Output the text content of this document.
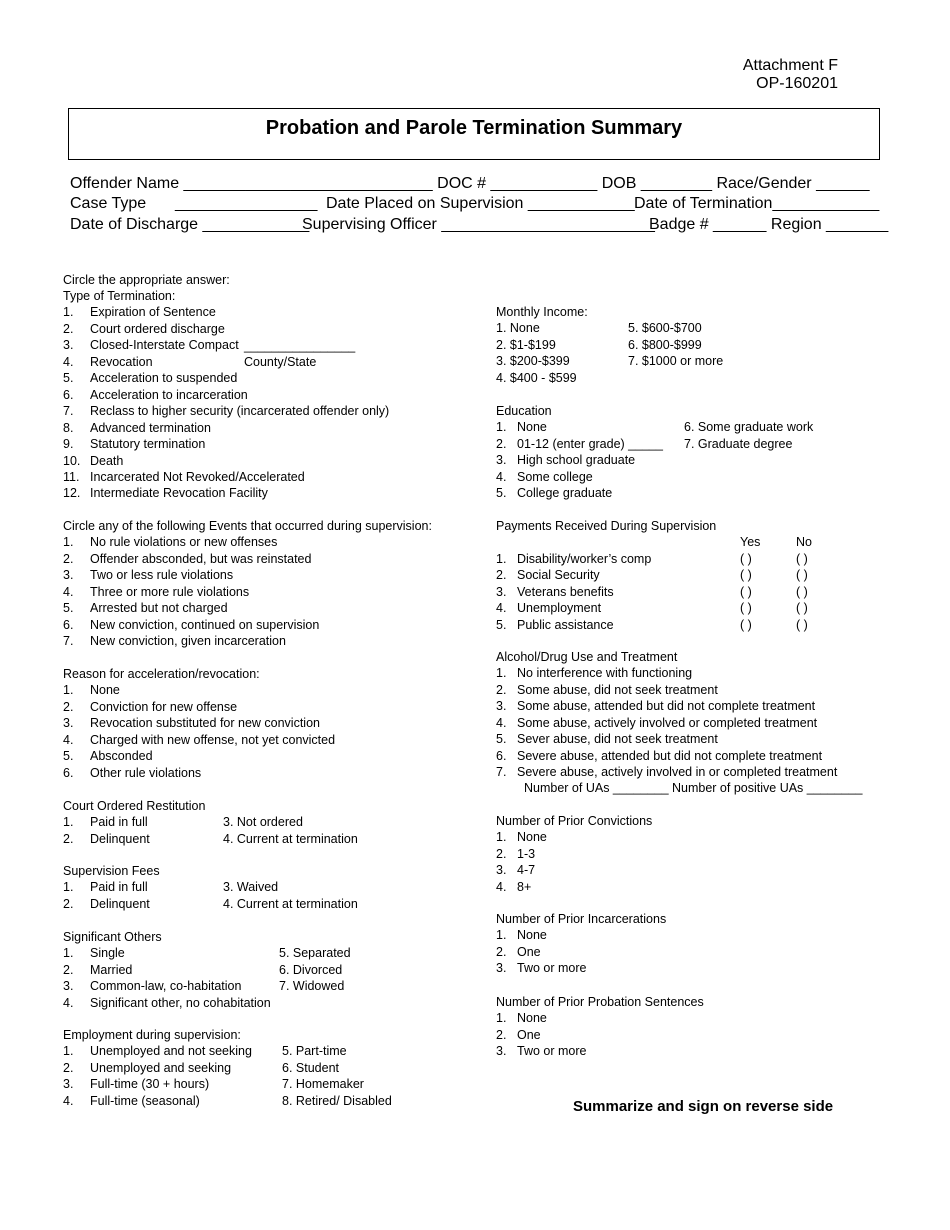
Attachment F
OP-160201
Probation and Parole Termination Summary
Offender Name ____________________________ DOC # ____________ DOB ________ Race/Gender ______
Case Type ________________ Date Placed on Supervision ____________ Date of Termination____________
Date of Discharge ____________
Supervising Officer ________________________
Badge # ______ Region _______
Circle the appropriate answer:
Type of Termination:
1. Expiration of Sentence
2. Court ordered discharge
3. Closed-Interstate Compact
4. Revocation
5. Acceleration to suspended
6. Acceleration to incarceration
7. Reclass to higher security (incarcerated offender only)
8. Advanced termination
9. Statutory termination
10. Death
11. Incarcerated Not Revoked/Accelerated
12. Intermediate Revocation Facility
Circle any of the following Events that occurred during supervision:
1. No rule violations or new offenses
2. Offender absconded, but was reinstated
3. Two or less rule violations
4. Three or more rule violations
5. Arrested but not charged
6. New conviction, continued on supervision
7. New conviction, given incarceration
Reason for acceleration/revocation:
1. None
2. Conviction for new offense
3. Revocation substituted for new conviction
4. Charged with new offense, not yet convicted
5. Absconded
6. Other rule violations
Court Ordered Restitution
1. Paid in full	3. Not ordered
2. Delinquent	4. Current at termination
Supervision Fees
1. Paid in full	3. Waived
2. Delinquent	4. Current at termination
Significant Others
1. Single	5. Separated
2. Married	6. Divorced
3. Common-law, co-habitation	7. Widowed
4. Significant other, no cohabitation
Employment during supervision:
1. Unemployed and not seeking 5. Part-time
2. Unemployed and seeking	6. Student
3. Full-time (30 + hours)	7. Homemaker
4. Full-time (seasonal)	8. Retired/ Disabled
________________
County/State
Monthly Income:
1. None	5. $600-$700
2. $1-$199	6. $800-$999
3. $200-$399	7. $1000 or more
4. $400 - $599
Education
1. None	6. Some graduate work
2. 01-12 (enter grade) _____ 7. Graduate degree
3. High school graduate
4. Some college
5. College graduate
Alcohol/Drug Use and Treatment
1. No interference with functioning
2. Some abuse, did not seek treatment
3. Some abuse, attended but did not complete treatment
4. Some abuse, actively involved or completed treatment
5. Sever abuse, did not seek treatment
6. Severe abuse, attended but did not complete treatment
7. Severe abuse, actively involved in or completed treatment
Number of Prior Convictions
1. None
2. 1-3
3. 4-7
4. 8+
Number of Prior Incarcerations
1. None
2. One
3. Two or more
Number of Prior Probation Sentences
1. None
2. One
3. Two or more
Number of UAs ________ Number of positive UAs ________
Payments Received During Supervision
Yes	No
1. Disability/worker’s comp	( )	( )
2. Social Security	( )	( )
3. Veterans benefits	( )	( )
4. Unemployment	( )	( )
5. Public assistance	( )	( )
Summarize and sign on reverse side
